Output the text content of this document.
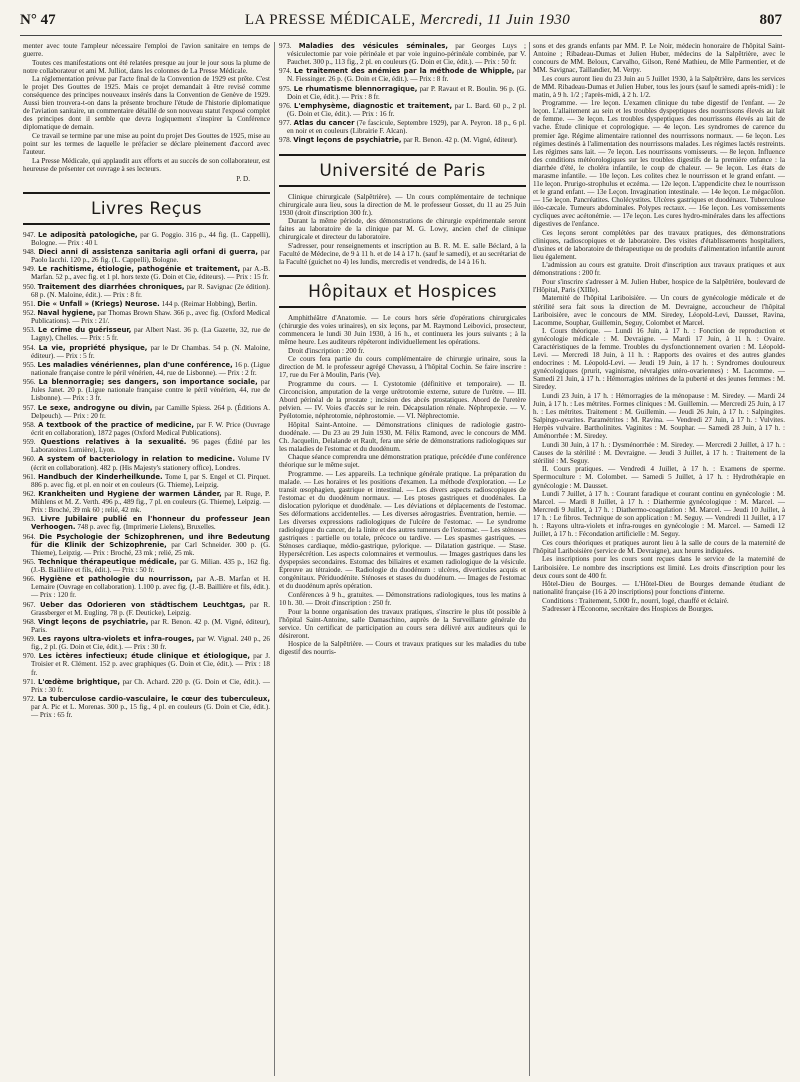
N° 47	LA PRESSE MÉDICALE, Mercredi, 11 Juin 1930	807

menter avec toute l'ampleur nécessaire l'emploi de l'avion sanitaire en temps de guerre.

Toutes ces manifestations ont été relatées presque au jour le jour sous la plume de notre collaborateur et ami M. Julliot, dans les colonnes de La Presse Médicale.

La réglementation prévue par l'acte final de la Convention de 1929 est prête. C'est le projet Des Gouttes de 1925. Mais ce projet demandait à être revisé comme conséquence des principes nouveaux insérés dans la Convention de Genève de 1929. Aussi bien trouvera-t-on dans la présente brochure l'étude de l'historie diplomatique de l'aviation sanitaire, un commentaire détaillé de son nouveau statut l'exposé complet des principes dont il semble que devra logiquement s'inspirer la Conférence diplomatique de demain.

Ce travail se termine par une mise au point du projet Des Gouttes de 1925, mise au point sur les termes de laquelle le préfacier se déclare pleinement d'accord avec l'auteur.

La Presse Médicale, qui applaudit aux efforts et au succès de son collaborateur, est heureuse de présenter cet ouvrage à ses lecteurs.

P. D.
Livres Reçus

947. Le adiposità patologiche, par G. Poggio. 316 p., 44 fig. (L. Cappelli), Bologne. — Prix : 40 l.

948. Dieci anni di assistenza sanitaria agli orfani di guerra, par Paolo Iacchi. 120 p., 26 fig. (L. Cappelli), Bologne.

949. Le rachitisme, étiologie, pathogénie et traitement, par A.-B. Marfan. 52 p., avec fig. et 1 pl. hors texte (G. Doin et Cie, éditeurs). — Prix : 15 fr.

950. Traitement des diarrhées chroniques, par R. Savignac (2e édition). 68 p. (N. Maloine, édit.). — Prix : 8 fr.

951. Die « Unfall » (Kriegs) Neurose. 144 p. (Reimar Hobbing), Berlin.

952. Naval hygiene, par Thomas Brown Shaw. 366 p., avec fig. (Oxford Medical Publications). — Prix : 21/.

953. Le crime du guérisseur, par Albert Nast. 36 p. (La Gazette, 32, rue de Lagny), Chelles. — Prix : 5 fr.

954. La vie, propriété physique, par le Dr Chambas. 54 p. (N. Maloine, éditeur). — Prix : 5 fr.

955. Les maladies vénériennes, plan d'une conférence, 16 p. (Ligue nationale française contre le péril vénérien, 44, rue de Lisbonne). — Prix : 2 fr.

956. La blennorragie; ses dangers, son importance sociale, par Jules Janet. 20 p. (Ligue nationale française contre le péril vénérien, 44, rue de Lisbonne). — Prix : 3 fr.

957. Le sexe, androgyne ou divin, par Camille Spiess. 264 p. (Éditions A. Delpeuch). — Prix : 20 fr.

958. A textbook of the practice of medicine, par F. W. Price (Ouvrage écrit en collaboration), 1872 pages (Oxford Medical Publications).

959. Questions relatives à la sexualité. 96 pages (Édité par les Laboratoires Lumière), Lyon.

960. A system of bacteriology in relation to medicine. Volume IV (écrit en collaboration). 482 p. (His Majesty's stationery office), Londres.

961. Handbuch der Kinderheilkunde. Tome I, par S. Engel et Cl. Pirquet. 886 p. avec fig. et pl. en noir et en couleurs (G. Thieme), Leipzig.

962. Krankheiten und Hygiene der warmen Länder, par R. Ruge, P. Mühlens et M. Z. Verth. 496 p., 489 fig., 7 pl. en couleurs (G. Thieme), Leipzig. — Prix : Broché, 39 mk 60 ; relié, 42 mk.

963. Livre Jubilaire publié en l'honneur du professeur Jean Verhoogen. 748 p. avec fig. (Imprimerie Lielens), Bruxelles.

964. Die Psychologie der Schizophrenen, und ihre Bedeutung für die Klinik der Schizophrenie, par Carl Schneider. 300 p. (G. Thieme), Leipzig. — Prix : Broché, 23 mk ; relié, 25 mk.

965. Technique thérapeutique médicale, par G. Milian. 435 p., 162 fig. (J.-B. Baillière et fils, édit.). — Prix : 50 fr.

966. Hygiène et pathologie du nourrisson, par A.-B. Marfan et H. Lemaire (Ouvrage en collaboration). 1.100 p. avec fig. (J.-B. Baillière et fils, édit.). — Prix : 120 fr.

967. Ueber das Odorieren von städtischem Leuchtgas, par R. Grassberger et M. Eugling. 78 p. (F. Deuticke), Leipzig.

968. Vingt leçons de psychiatrie, par R. Benon. 42 p. (M. Vigné, éditeur), Paris.

969. Les rayons ultra-violets et infra-rouges, par W. Vignal. 240 p., 26 fig., 2 pl. (G. Doin et Cie, édit.). — Prix : 30 fr.

970. Les ictères infectieux; étude clinique et étiologique, par J. Troisier et R. Clément. 152 p. avec graphiques (G. Doin et Cie, édit.). — Prix : 18 fr.

971. L'œdème brightique, par Ch. Achard. 220 p. (G. Doin et Cie, édit.). — Prix : 30 fr.

972. La tuberculose cardio-vasculaire, le cœur des tuberculeux, par A. Pic et L. Morenas. 300 p., 15 fig., 4 pl. en couleurs (G. Doin et Cie, édit.). — Prix : 65 fr.

973. Maladies des vésicules séminales, par Georges Luys ; vésiculectomie par voie périnéale et par voie inguino-périnéale combinée, par V. Pauchet. 300 p., 113 fig., 2 pl. en couleurs (G. Doin et Cie, édit.). — Prix : 50 fr.

974. Le traitement des anémies par la méthode de Whipple, par N. Fiessinger. 26 p. (G. Doin et Cie, édit.). — Prix : 8 fr.

975. Le rhumatisme blennorragique, par P. Ravaut et R. Boulin. 96 p. (G. Doin et Cie, édit.). — Prix : 8 fr.

976. L'emphysème, diagnostic et traitement, par L. Bard. 60 p., 2 pl. (G. Doin et Cie, édit.). — Prix : 16 fr.

977. Atlas du cancer (7e fascicule, Septembre 1929), par A. Peyron. 18 p., 6 pl. en noir et en couleurs (Librairie F. Alcan).

978. Vingt leçons de psychiatrie, par R. Benon. 42 p. (M. Vigné, éditeur).

Université de Paris

Clinique chirurgicale (Salpêtrière). — Un cours complémentaire de technique chirurgicale aura lieu, sous la direction de M. le professeur Gosset, du 11 au 25 Juin 1930 (droit d'inscription 300 fr.).

Durant la même période, des démonstrations de chirurgie expérimentale seront faites au laboratoire de la clinique par M. G. Lowy, ancien chef de clinique chirurgicale et directeur du laboratoire.

S'adresser, pour renseignements et inscription au B. R. M. E. salle Béclard, à la Faculté de Médecine, de 9 à 11 h. et de 14 à 17 h. (sauf le samedi), et au secrétariat de la Faculté (guichet no 4) les lundis, mercredis et vendredis, de 14 à 16 h.

Hôpitaux et Hospices

Amphithéâtre d'Anatomie. — Le cours hors série d'opérations chirurgicales (chirurgie des voies urinaires), en six leçons, par M. Raymond Leibovici, prosecteur, commencera le lundi 30 Juin 1930, à 16 h., et continuera les jours suivants ; à la même heure. Les auditeurs répéteront individuellement les opérations.

Droit d'inscription : 200 fr.

Ce cours fera partie du cours complémentaire de chirurgie urinaire, sous la direction de M. le professeur agrégé Chevassu, à l'hôpital Cochin. Se faire inscrire : 17, rue du Fer à Moulin, Paris (Ve).

Programme du cours. — I. Cystotomie (définitive et temporaire). — II. Circoncision, amputation de la verge urétrotomie externe, suture de l'urètre. — III. Abord périnéal de la prostate ; incision des abcès prostatiques. Abord de l'uretère pelvien. — IV. Voies d'accès sur le rein. Décapsulation rénale. Néphropexie. — V. Pyélotomie, néphrotomie, néphrostomie. — VI. Néphrectomie.

Hôpital Saint-Antoine. — Démonstrations cliniques de radiologie gastro-duodénale. — Du 23 au 29 Juin 1930, M. Félix Ramond, avec le concours de MM. Ch. Jacquelin, Delalande et Rault, fera une série de démonstrations radiologiques sur les maladies de l'estomac et du duodénum.

Chaque séance comprendra une démonstration pratique, précédée d'une conférence théorique sur le même sujet.

Programme. — Les appareils. La technique générale pratique. La préparation du malade. — Les horaires et les positions d'examen. La méthode d'exploration. — Le transit œsophagien, gastrique et intestinal. — Les divers aspects radioscopiques de l'estomac et du duodénum normaux. — Les ptoses gastriques et duodénales. La dislocation pylorique et duodénale. — Les déviations et déplacements de l'estomac. Ses déformations accidentelles. — Les diverses aérogastries. Éventration, hernie. — Les diverses expressions radiologiques de l'ulcère de l'estomac. — Le syndrome radiologique du cancer, de la linite et des autres tumeurs de l'estomac. — Les sténoses gastriques : partielle ou totale, précoce ou tardive. — Les spasmes gastriques. — Sténoses cardiaque, médio-gastrique, pylorique. — Dilatation gastrique. — Stase. Hypersécrétion. Les aspects colomnaires et vermoulus. — Images gastriques dans les dyspepsies secondaires. Estomac des biliaires et examen radiologique de la vésicule. Épreuve au tétraiode. — Radiologie du duodénum : ulcères, diverticules acquis et congénitaux. Périduodénite. Sténoses et stases du duodénum. — Images de l'estomac et du duodénum après opération.

Conférences à 9 h., gratuites. — Démonstrations radiologiques, tous les matins à 10 h. 30. — Droit d'inscription : 250 fr.

Pour la bonne organisation des travaux pratiques, s'inscrire le plus tôt possible à l'hôpital Saint-Antoine, salle Damaschino, auprès de la Surveillante générale du service. Un certificat de participation au cours sera délivré aux auditeurs qui le désireront.

Hospice de la Salpêtrière. — Cours et travaux pratiques sur les maladies du tube digestif des nourris-

sons et des grands enfants par MM. P. Le Noir, médecin honoraire de l'hôpital Saint-Antoine ; Ribadeau-Dumas et Julien Huber, médecins de la Salpêtrière, avec le concours de MM. Beloux, Carvalho, Gilson, René Mathieu, de Mlle Parmentier, et de MM. Savignac, Taillandier, M. Verpy.

Les cours auront lieu du 23 Juin au 5 Juillet 1930, à la Salpêtrière, dans les services de MM. Ribadeau-Dumas et Julien Huber, tous les jours (sauf le samedi après-midi) : le matin, à 9 h. 1/2 ; l'après-midi, à 2 h. 1/2.

Programme. — 1re leçon. L'examen clinique du tube digestif de l'enfant. — 2e leçon. L'allaitement au sein et les troubles dyspeptiques des nourrissons élevés au lait de femme. — 3e leçon. Les troubles dyspeptiques des nourrissons élevés au lait de vache. Étude clinique et coprologique. — 4e leçon. Les syndromes de carence du premier âge. Régime alimentaire rationnel des nourrissons normaux. — 6e leçon. Les régimes destinés à l'alimentation des nourrissons malades. Les régimes lactés restreints. Les régimes sans lait. — 7e leçon. Les nourrissons vomisseurs. — 8e leçon. Influence des conditions météorologiques sur les troubles digestifs de la première enfance : la diarrhée d'été, le choléra infantile, le coup de chaleur. — 9e leçon. Les états de marasme infantile. — 10e leçon. Les colites chez le nourrisson et le grand enfant. — 11e leçon. Prurigo-strophulus et eczéma. — 12e leçon. L'appendicite chez le nourrisson et le grand enfant. — 13e Leçon. Invagination intestinale. — 14e leçon. Le mégacôlon. — 15e leçon. Pancréatites. Cholécystites. Ulcères gastriques et duodénaux. Tuberculose iléo-cæcale. Tumeurs abdominales. Polypes rectaux. — 16e leçon. Les vomissements cycliques avec acétonémie. — 17e leçon. Les cures hydro-minérales dans les affections digestives de l'enfance.

Ces leçons seront complétées par des travaux pratiques, des démonstrations cliniques, radioscopiques et de laboratoire. Des visites d'établissements hospitaliers, d'usines et de laboratoire de thérapeutique ou de produits d'alimentation infantile auront lieu également.

L'admission au cours est gratuite. Droit d'inscription aux travaux pratiques et aux démonstrations : 200 fr.

Pour s'inscrire s'adresser à M. Julien Huber, hospice de la Salpêtrière, boulevard de l'Hôpital, Paris (XIIIe).

Maternité de l'hôpital Lariboisière. — Un cours de gynécologie médicale et de stérilité sera fait sous la direction de M. Devraigne, accoucheur de l'hôpital Lariboisière, avec le concours de MM. Siredey, Léopold-Levi, Dausset, Ravina, Lacomme, Souphar, Guillemin, Seguy, Colombet et Marcel.

I. Cours théorique. — Lundi 16 Juin, à 17 h. : Fonction de reproduction et gynécologie médicale : M. Devraigne. — Mardi 17 Juin, à 11 h. : Ovaire. Caractéristiques de la femme. Troubles du dysfonctionnement ovarien : M. Léopold-Levi. — Mercredi 18 Juin, à 11 h. : Rapports des ovaires et des autres glandes endocrines : M. Léopold-Levi. — Jeudi 19 Juin, à 17 h. : Syndromes douloureux gynécologiques (prurit, vaginisme, névralgies utéro-ovariennes) : M. Lacomme. — Samedi 21 Juin, à 17 h. : Hémorragies utérines de la puberté et des jeunes femmes : M. Siredey.

Lundi 23 Juin, à 17 h. : Hémorragies de la ménopause : M. Siredey. — Mardi 24 Juin, à 17 h. : Les métrites. Formes cliniques : M. Guillemin. — Mercredi 25 Juin, à 17 h. : Les métrites. Traitement : M. Guillemin. — Jeudi 26 Juin, à 17 h. : Salpingites. Salpingo-ovarites. Paramétrites : M. Ravina. — Vendredi 27 Juin, à 17 h. : Vulvites. Herpès vulvaire. Bartholinites. Vaginites : M. Souphar. — Samedi 28 Juin, à 17 h. : Aménorrhée : M. Siredey.

Lundi 30 Juin, à 17 h. : Dysménorrhée : M. Siredey. — Mercredi 2 Juillet, à 17 h. : Causes de la stérilité : M. Devraigne. — Jeudi 3 Juillet, à 17 h. : Traitement de la stérilité : M. Seguy.

II. Cours pratiques. — Vendredi 4 Juillet, à 17 h. : Examens de sperme. Spermoculture : M. Colombet. — Samedi 5 Juillet, à 17 h. : Hydrothérapie en gynécologie : M. Dausset.

Lundi 7 Juillet, à 17 h. : Courant faradique et courant continu en gynécologie : M. Marcel. — Mardi 8 Juillet, à 17 h. : Diathermie gynécologique : M. Marcel. — Mercredi 9 Juillet, à 17 h. : Diathermo-coagulation : M. Marcel. — Jeudi 10 Juillet, à 17 h. : Le fibros. Technique de son application : M. Seguy. — Vendredi 11 Juillet, à 17 h. : Rayons ultra-violets et infra-rouges en gynécologie : M. Marcel. — Samedi 12 Juillet, à 17 h. : Fécondation artificielle : M. Seguy.

Ces cours théoriques et pratiques auront lieu à la salle de cours de la maternité de l'hôpital Lariboisière (service de M. Devraigne), aux heures indiquées.

Les inscriptions pour les cours sont reçues dans le service de la maternité de Lariboisière. Le nombre des inscriptions est limité. Les droits d'inscription pour les deux cours sont de 400 fr.

Hôtel-Dieu de Bourges. — L'Hôtel-Dieu de Bourges demande étudiant de nationalité française (16 à 20 inscriptions) pour fonctions d'interne.

Conditions : Traitement, 5.000 fr., nourri, logé, chauffé et éclairé.

S'adresser à l'Économe, secrétaire des Hospices de Bourges.
